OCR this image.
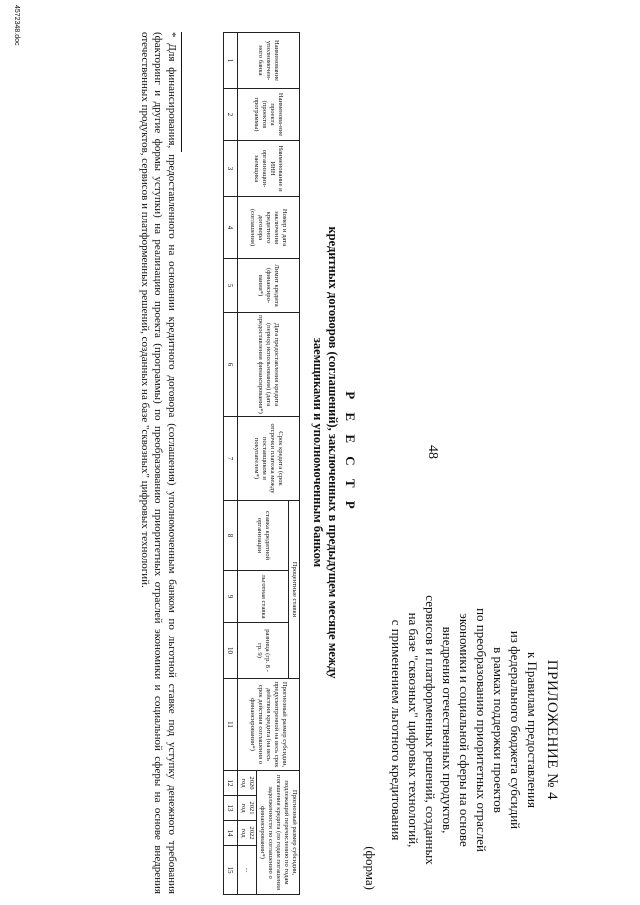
48
ПРИЛОЖЕНИЕ № 4
к Правилам предоставления
из федерального бюджета субсидий
в рамках поддержки проектов
по преобразованию приоритетных отраслей
экономики и социальной сферы на основе
внедрения отечественных продуктов,
сервисов и платформенных решений, созданных
на базе "сквозных" цифровых технологий,
с применением льготного кредитования
(форма)
Р Е Е С Т Р
кредитных договоров (соглашений), заключенных в предыдущем месяце между
заемщиками и уполномоченным банком
Наименование уполномочен-ного банка	Наименова-ние проекта (проектов программы)	Наименование и ИНН организации-заемщика	Номер и дата заключения кредитного договора (соглашения)	Лимит кредита (финансиро-вания*)	Дата предоставления кредита (период использования) (дата предоставления финансирования*)	Срок кредита (срок отсрочки платежа между поставщиком и покупателем*)	Процентные ставки			Прогнозный размер субсидии, предусмотренной на весь срок действия кредита (на весь срок действия соглашения о финансировании*)	Прогнозный размер субсидии, подлежащий перечислению по годам погашения кредита (по годам погашения задолженности по соглашению о финансировании*)			
							ставка кредитной организации	льготная ставка	разница (гр. 8 - гр. 9)					
											2020 год	2021 год	2022 год	...
1	2	3	4	5	6	7	8	9	10	11	12	13	14	15
* Для финансирования, предоставленного на основании кредитного договора (соглашения) уполномоченным банком по льготной ставке под уступку денежного требования (факторинг и другие формы уступки) на реализацию проекта (программы) по преобразованию приоритетных отраслей экономики и социальной сферы на основе внедрения отечественных продуктов, сервисов и платформенных решений, созданных на базе "сквозных" цифровых технологий.
4572348.doc
